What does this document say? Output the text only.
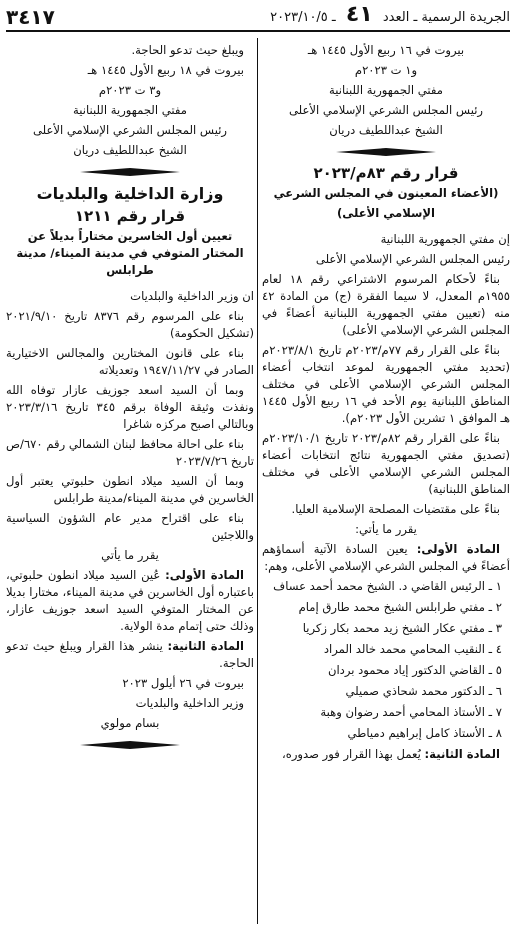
الجريدة الرسمية ـ العدد ٤١ ـ ٢٠٢٣/١٠/٥
٣٤١٧

بيروت في ١٦ ربيع الأول ١٤٤٥ هـ

و١ ت ٢٠٢٣م

مفتي الجمهورية اللبنانية

رئيس المجلس الشرعي الإسلامي الأعلى

الشيخ عبداللطيف دريان

قرار رقم ٨٣م/٢٠٢٣

(الأعضاء المعينون في المجلس الشرعي

الإسلامي الأعلى)

إن مفتي الجمهورية اللبنانية

رئيس المجلس الشرعي الإسلامي الأعلى

بناءً لأحكام المرسوم الاشتراعي رقم ١٨ لعام ١٩٥٥م المعدل، لا سيما الفقرة (ج) من المادة ٤٢ منه (تعيين مفتي الجمهورية اللبنانية أعضاءً في المجلس الشرعي الإسلامي الأعلى)

بناءً على القرار رقم ٧٧م/٢٠٢٣م تاريخ ٢٠٢٣/٨/١م (تحديد مفتي الجمهورية لموعد انتخاب أعضاء المجلس الشرعي الإسلامي الأعلى في مختلف المناطق اللبنانية يوم الأحد في ١٦ ربيع الأول ١٤٤٥ هـ الموافق ١ تشرين الأول ٢٠٢٣م).

بناءً على القرار رقم ٨٢م/٢٠٢٣ تاريخ ٢٠٢٣/١٠/١م (تصديق مفتي الجمهورية نتائج انتخابات أعضاء المجلس الشرعي الإسلامي الأعلى في مختلف المناطق اللبنانية)

بناءً على مقتضيات المصلحة الإسلامية العليا.

يقرر ما يأتي:

المادة الأولى: يعين السادة الآتية أسماؤهم أعضاءً في المجلس الشرعي الإسلامي الأعلى، وهم:

١ ـ الرئيس القاضي د. الشيخ محمد أحمد عساف
٢ ـ مفتي طرابلس الشيخ محمد طارق إمام
٣ ـ مفتي عكار الشيخ زيد محمد بكار زكريا
٤ ـ النقيب المحامي محمد خالد المراد
٥ ـ القاضي الدكتور إياد محمود بردان
٦ ـ الدكتور محمد شحاذي صميلي
٧ ـ الأستاذ المحامي أحمد رضوان وهبة
٨ ـ الأستاذ كامل إبراهيم دمياطي

المادة الثانية: يُعمل بهذا القرار فور صدوره،

ويبلغ حيث تدعو الحاجة.

بيروت في ١٨ ربيع الأول ١٤٤٥ هـ

و٣ ت ٢٠٢٣م

مفتي الجمهورية اللبنانية

رئيس المجلس الشرعي الإسلامي الأعلى

الشيخ عبداللطيف دريان

وزارة الداخلية والبلديات

قرار رقم ١٢١١

تعيين أول الخاسرين مختاراً بديلاً عن المختار المتوفي في مدينة الميناء/ مدينة طرابلس

ان وزير الداخلية والبلديات

بناء على المرسوم رقم ٨٣٧٦ تاريخ ٢٠٢١/٩/١٠ (تشكيل الحكومة)

بناء على قانون المختارين والمجالس الاختيارية الصادر في ١٩٤٧/١١/٢٧ وتعديلاته

وبما أن السيد اسعد جوزيف عازار توفاه الله ونفذت وثيقة الوفاة برقم ٣٤٥ تاريخ ٢٠٢٣/٣/١٦ وبالتالي اصبح مركزه شاغرا

بناء على احالة محافظ لبنان الشمالي رقم ٦٧٠/ص تاريخ ٢٠٢٣/٧/٢٦

وبما أن السيد ميلاد انطون حلبوتي يعتبر أول الخاسرين في مدينة الميناء/مدينة طرابلس

بناء على اقتراح مدير عام الشؤون السياسية واللاجئين

يقرر ما يأتي

المادة الأولى: عُين السيد ميلاد انطون حلبوتي، باعتباره أول الخاسرين في مدينة الميناء، مختارا بديلا عن المختار المتوفي السيد اسعد جوزيف عازار، وذلك حتى إتمام مدة الولاية.

المادة الثانية: ينشر هذا القرار ويبلغ حيث تدعو الحاجة.

بيروت في ٢٦ أيلول ٢٠٢٣

وزير الداخلية والبلديات

بسام مولوي
